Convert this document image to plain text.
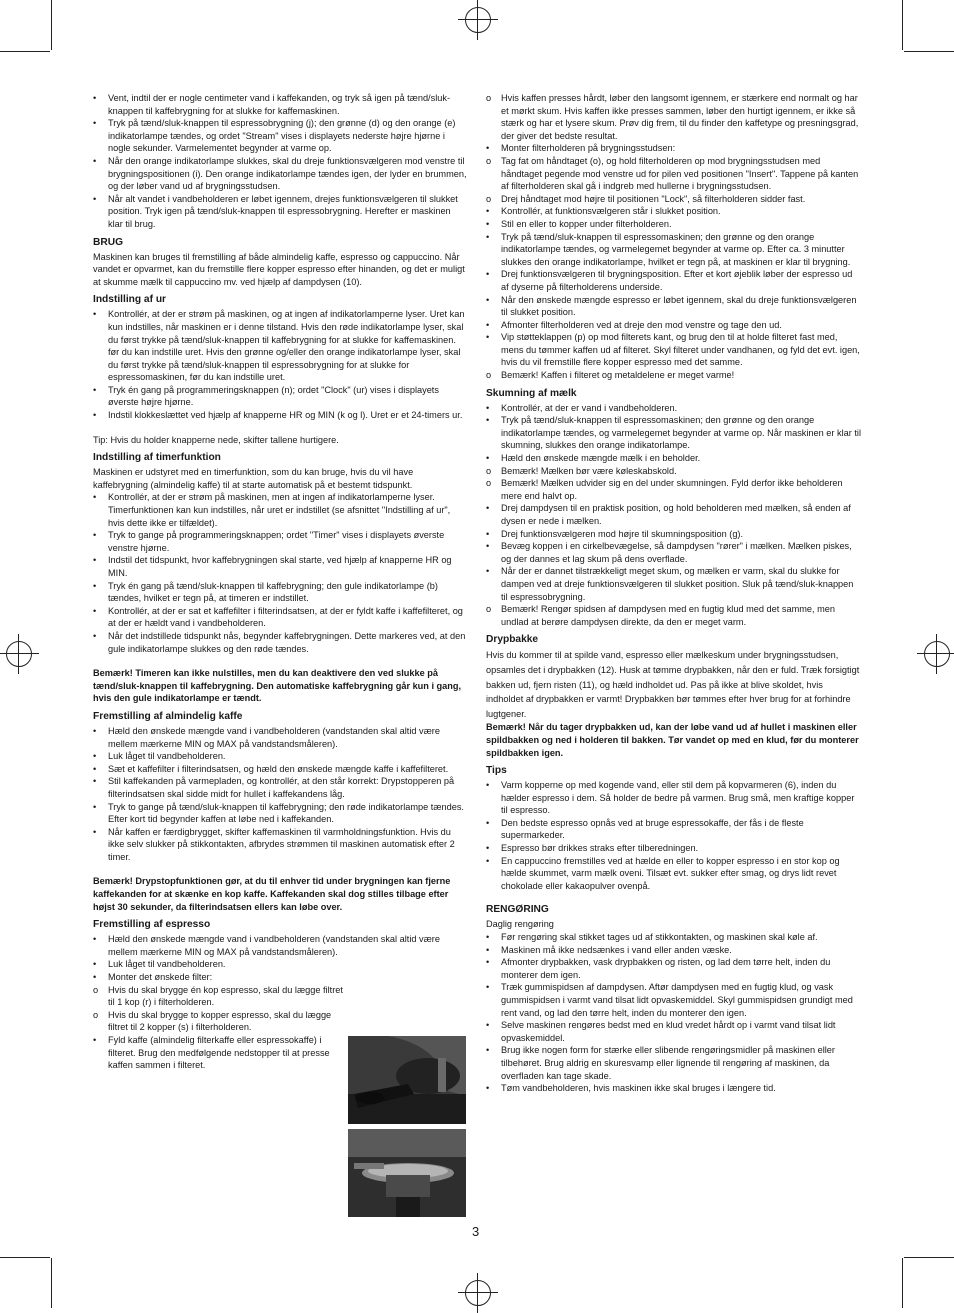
• Vent, indtil der er nogle centimeter vand i kaffekanden, og tryk så igen på tænd/sluk-knappen til kaffebrygning for at slukke for kaffemaskinen.
• Tryk på tænd/sluk-knappen til espressobrygning (j); den grønne (d) og den orange (e) indikatorlampe tændes, og ordet "Stream" vises i displayets nederste højre hjørne i nogle sekunder. Varmelementet begynder at varme op.
• Når den orange indikatorlampe slukkes, skal du dreje funktionsvælgeren mod venstre til brygningspositionen (i). Den orange indikatorlampe tændes igen, der lyder en brummen, og der løber vand ud af brygningsstudsen.
• Når alt vandet i vandbeholderen er løbet igennem, drejes funktionsvælgeren til slukket position. Tryk igen på tænd/sluk-knappen til espressobrygning. Herefter er maskinen klar til brug.
BRUG

Maskinen kan bruges til fremstilling af både almindelig kaffe, espresso og cappuccino. Når vandet er opvarmet, kan du fremstille flere kopper espresso efter hinanden, og det er muligt at skumme mælk til cappuccino mv. ved hjælp af dampdysen (10).

Indstilling af ur
• Kontrollér, at der er strøm på maskinen, og at ingen af indikatorlamperne lyser. Uret kan kun indstilles, når maskinen er i denne tilstand. Hvis den røde indikatorlampe lyser, skal du først trykke på tænd/sluk-knappen til kaffebrygning for at slukke for kaffemaskinen. før du kan indstille uret. Hvis den grønne og/eller den orange indikatorlampe lyser, skal du først trykke på tænd/sluk-knappen til espressobrygning for at slukke for espressomaskinen, før du kan indstille uret.
• Tryk én gang på programmeringsknappen (n); ordet "Clock" (ur) vises i displayets øverste højre hjørne.
• Indstil klokkeslættet ved hjælp af knapperne HR og MIN (k og l). Uret er et 24-timers ur.

Tip: Hvis du holder knapperne nede, skifter tallene hurtigere.

Indstilling af timerfunktion

Maskinen er udstyret med en timerfunktion, som du kan bruge, hvis du vil have kaffebrygning (almindelig kaffe) til at starte automatisk på et bestemt tidspunkt.

• Kontrollér, at der er strøm på maskinen, men at ingen af indikatorlamperne lyser. Timerfunktionen kan kun indstilles, når uret er indstillet (se afsnittet "Indstilling af ur", hvis dette ikke er tilfældet).
• Tryk to gange på programmeringsknappen; ordet "Timer" vises i displayets øverste venstre hjørne.
• Indstil det tidspunkt, hvor kaffebrygningen skal starte, ved hjælp af knapperne HR og MIN.
• Tryk én gang på tænd/sluk-knappen til kaffebrygning; den gule indikatorlampe (b) tændes, hvilket er tegn på, at timeren er indstillet.
• Kontrollér, at der er sat et kaffefilter i filterindsatsen, at der er fyldt kaffe i kaffefilteret, og at der er hældt vand i vandbeholderen.
• Når det indstillede tidspunkt nås, begynder kaffebrygningen. Dette markeres ved, at den gule indikatorlampe slukkes og den røde tændes.

Bemærk! Timeren kan ikke nulstilles, men du kan deaktivere den ved slukke på tænd/sluk-knappen til kaffebrygning. Den automatiske kaffebrygning går kun i gang, hvis den gule indikatorlampe er tændt.

Fremstilling af almindelig kaffe
• Hæld den ønskede mængde vand i vandbeholderen (vandstanden skal altid være mellem mærkerne MIN og MAX på vandstandsmåleren).
• Luk låget til vandbeholderen.
• Sæt et kaffefilter i filterindsatsen, og hæld den ønskede mængde kaffe i kaffefilteret.
• Stil kaffekanden på varmepladen, og kontrollér, at den står korrekt: Drypstopperen på filterindsatsen skal sidde midt for hullet i kaffekandens låg.
• Tryk to gange på tænd/sluk-knappen til kaffebrygning; den røde indikatorlampe tændes. Efter kort tid begynder kaffen at løbe ned i kaffekanden.
• Når kaffen er færdigbrygget, skifter kaffemaskinen til varmholdningsfunktion. Hvis du ikke selv slukker på stikkontakten, afbrydes strømmen til maskinen automatisk efter 2 timer.

Bemærk! Drypstopfunktionen gør, at du til enhver tid under brygningen kan fjerne kaffekanden for at skænke en kop kaffe. Kaffekanden skal dog stilles tilbage efter højst 30 sekunder, da filterindsatsen ellers kan løbe over.

Fremstilling af espresso
• Hæld den ønskede mængde vand i vandbeholderen (vandstanden skal altid være mellem mærkerne MIN og MAX på vandstandsmåleren).
• Luk låget til vandbeholderen.
• Monter det ønskede filter:
o Hvis du skal brygge én kop espresso, skal du lægge filtret til 1 kop (r) i filterholderen.
o Hvis du skal brygge to kopper espresso, skal du lægge filtret til 2 kopper (s) i filterholderen.
• Fyld kaffe (almindelig filterkaffe eller espressokaffe) i filteret. Brug den medfølgende nedstopper til at presse kaffen sammen i filteret.
o Hvis kaffen presses hårdt, løber den langsomt igennem, er stærkere end normalt og har et mørkt skum. Hvis kaffen ikke presses sammen, løber den hurtigt igennem, er ikke så stærk og har et lysere skum. Prøv dig frem, til du finder den kaffetype og presningsgrad, der giver det bedste resultat.
• Monter filterholderen på brygningsstudsen:
o Tag fat om håndtaget (o), og hold filterholderen op mod brygningsstudsen med håndtaget pegende mod venstre ud for pilen ved positionen "Insert". Tappene på kanten af filterholderen skal gå i indgreb med hullerne i brygningsstudsen.
o Drej håndtaget mod højre til positionen "Lock", så filterholderen sidder fast.
• Kontrollér, at funktionsvælgeren står i slukket position.
• Stil en eller to kopper under filterholderen.
• Tryk på tænd/sluk-knappen til espressomaskinen; den grønne og den orange indikatorlampe tændes, og varmelegemet begynder at varme op. Efter ca. 3 minutter slukkes den orange indikatorlampe, hvilket er tegn på, at maskinen er klar til brygning.
• Drej funktionsvælgeren til brygningsposition. Efter et kort øjeblik løber der espresso ud af dyserne på filterholderens underside.
• Når den ønskede mængde espresso er løbet igennem, skal du dreje funktionsvælgeren til slukket position.
• Afmonter filterholderen ved at dreje den mod venstre og tage den ud.
• Vip støtteklappen (p) op mod filterets kant, og brug den til at holde filteret fast med, mens du tømmer kaffen ud af filteret. Skyl filteret under vandhanen, og fyld det evt. igen, hvis du vil fremstille flere kopper espresso med det samme.
o Bemærk! Kaffen i filteret og metaldelene er meget varme!
Skumning af mælk
• Kontrollér, at der er vand i vandbeholderen.
• Tryk på tænd/sluk-knappen til espressomaskinen; den grønne og den orange indikatorlampe tændes, og varmelegemet begynder at varme op. Når maskinen er klar til skumning, slukkes den orange indikatorlampe.
• Hæld den ønskede mængde mælk i en beholder.
o Bemærk! Mælken bør være køleskabskold.
o Bemærk! Mælken udvider sig en del under skumningen. Fyld derfor ikke beholderen mere end halvt op.
• Drej dampdysen til en praktisk position, og hold beholderen med mælken, så enden af dysen er nede i mælken.
• Drej funktionsvælgeren mod højre til skumningsposition (g).
• Bevæg koppen i en cirkelbevægelse, så dampdysen "rører" i mælken. Mælken piskes, og der dannes et lag skum på dens overflade.
• Når der er dannet tilstrækkeligt meget skum, og mælken er varm, skal du slukke for dampen ved at dreje funktionsvælgeren til slukket position. Sluk på tænd/sluk-knappen til espressobrygning.
o Bemærk! Rengør spidsen af dampdysen med en fugtig klud med det samme, men undlad at berøre dampdysen direkte, da den er meget varm.
Drypbakke

Hvis du kommer til at spilde vand, espresso eller mælkeskum under brygningsstudsen, opsamles det i drypbakken (12). Husk at tømme drypbakken, når den er fuld. Træk forsigtigt bakken ud, fjern risten (11), og hæld indholdet ud. Pas på ikke at blive skoldet, hvis indholdet af drypbakken er varmt! Drypbakken bør tømmes efter hver brug for at forhindre lugtgener.

Bemærk! Når du tager drypbakken ud, kan der løbe vand ud af hullet i maskinen eller spildbakken og ned i holderen til bakken. Tør vandet op med en klud, før du monterer spildbakken igen.

Tips
• Varm kopperne op med kogende vand, eller stil dem på kopvarmeren (6), inden du hælder espresso i dem. Så holder de bedre på varmen. Brug små, men kraftige kopper til espresso.
• Den bedste espresso opnås ved at bruge espressokaffe, der fås i de fleste supermarkeder.
• Espresso bør drikkes straks efter tilberedningen.
• En cappuccino fremstilles ved at hælde en eller to kopper espresso i en stor kop og hælde skummet, varm mælk oveni. Tilsæt evt. sukker efter smag, og drys lidt revet chokolade eller kakaopulver ovenpå.
RENGØRING

Daglig rengøring

• Før rengøring skal stikket tages ud af stikkontakten, og maskinen skal køle af.
• Maskinen må ikke nedsænkes i vand eller anden væske.
• Afmonter drypbakken, vask drypbakken og risten, og lad dem tørre helt, inden du monterer dem igen.
• Træk gummispidsen af dampdysen. Aftør dampdysen med en fugtig klud, og vask gummispidsen i varmt vand tilsat lidt opvaskemiddel. Skyl gummispidsen grundigt med rent vand, og lad den tørre helt, inden du monterer den igen.
• Selve maskinen rengøres bedst med en klud vredet hårdt op i varmt vand tilsat lidt opvaskemiddel.
• Brug ikke nogen form for stærke eller slibende rengøringsmidler på maskinen eller tilbehøret. Brug aldrig en skuresvamp eller lignende til rengøring af maskinen, da overfladen kan tage skade.
• Tøm vandbeholderen, hvis maskinen ikke skal bruges i længere tid.
3
